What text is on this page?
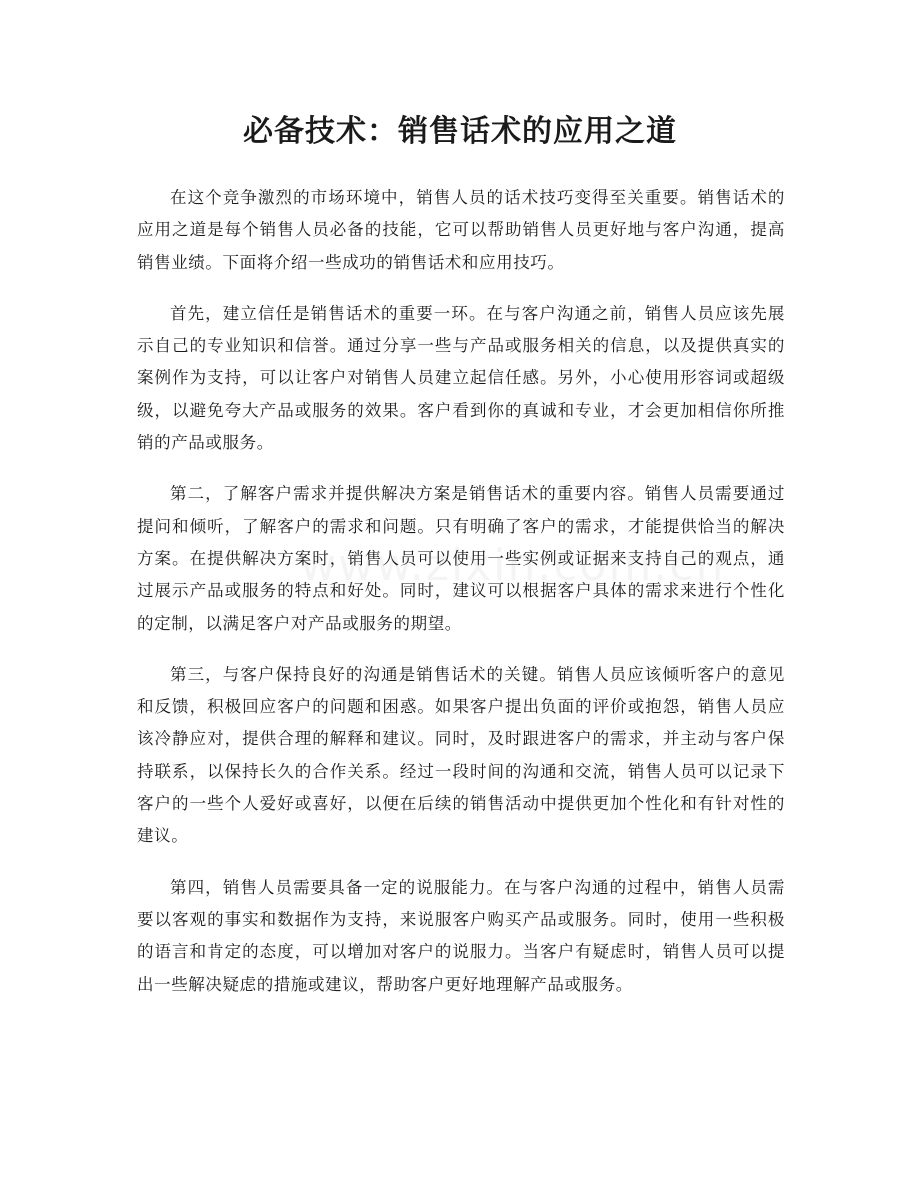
必备技术：销售话术的应用之道

在这个竞争激烈的市场环境中，销售人员的话术技巧变得至关重要。销售话术的应用之道是每个销售人员必备的技能，它可以帮助销售人员更好地与客户沟通，提高销售业绩。下面将介绍一些成功的销售话术和应用技巧。

首先，建立信任是销售话术的重要一环。在与客户沟通之前，销售人员应该先展示自己的专业知识和信誉。通过分享一些与产品或服务相关的信息，以及提供真实的案例作为支持，可以让客户对销售人员建立起信任感。另外，小心使用形容词或超级级，以避免夸大产品或服务的效果。客户看到你的真诚和专业，才会更加相信你所推销的产品或服务。

第二，了解客户需求并提供解决方案是销售话术的重要内容。销售人员需要通过提问和倾听，了解客户的需求和问题。只有明确了客户的需求，才能提供恰当的解决方案。在提供解决方案时，销售人员可以使用一些实例或证据来支持自己的观点，通过展示产品或服务的特点和好处。同时，建议可以根据客户具体的需求来进行个性化的定制，以满足客户对产品或服务的期望。

第三，与客户保持良好的沟通是销售话术的关键。销售人员应该倾听客户的意见和反馈，积极回应客户的问题和困惑。如果客户提出负面的评价或抱怨，销售人员应该冷静应对，提供合理的解释和建议。同时，及时跟进客户的需求，并主动与客户保持联系，以保持长久的合作关系。经过一段时间的沟通和交流，销售人员可以记录下客户的一些个人爱好或喜好，以便在后续的销售活动中提供更加个性化和有针对性的建议。

第四，销售人员需要具备一定的说服能力。在与客户沟通的过程中，销售人员需要以客观的事实和数据作为支持，来说服客户购买产品或服务。同时，使用一些积极的语言和肯定的态度，可以增加对客户的说服力。当客户有疑虑时，销售人员可以提出一些解决疑虑的措施或建议，帮助客户更好地理解产品或服务。
